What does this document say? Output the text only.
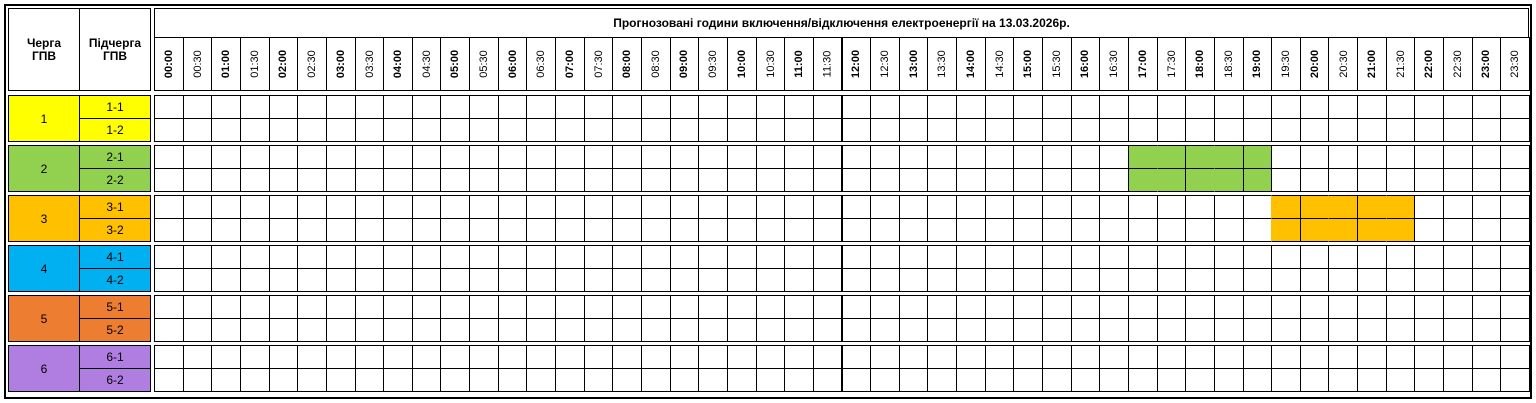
Черга
ГПВ
Підчерга
ГПВ
Прогнозовані години включення/відключення електроенергії на 13.03.2026р.
00:00 00:30 01:00 01:30 02:00 02:30 03:00 03:30 04:00 04:30 05:00 05:30 06:00 06:30 07:00 07:30 08:00 08:30 09:00 09:30 10:00 10:30 11:00 11:30 12:00 12:30 13:00 13:30 14:00 14:30 15:00 15:30 16:00 16:30 17:00 17:30 18:00 18:30 19:00 19:30 20:00 20:30 21:00 21:30 22:00 22:30 23:00 23:30
1
1-1
1-2
2
2-1
2-2
3
3-1
3-2
4
4-1
4-2
5
5-1
5-2
6
6-1
6-2
